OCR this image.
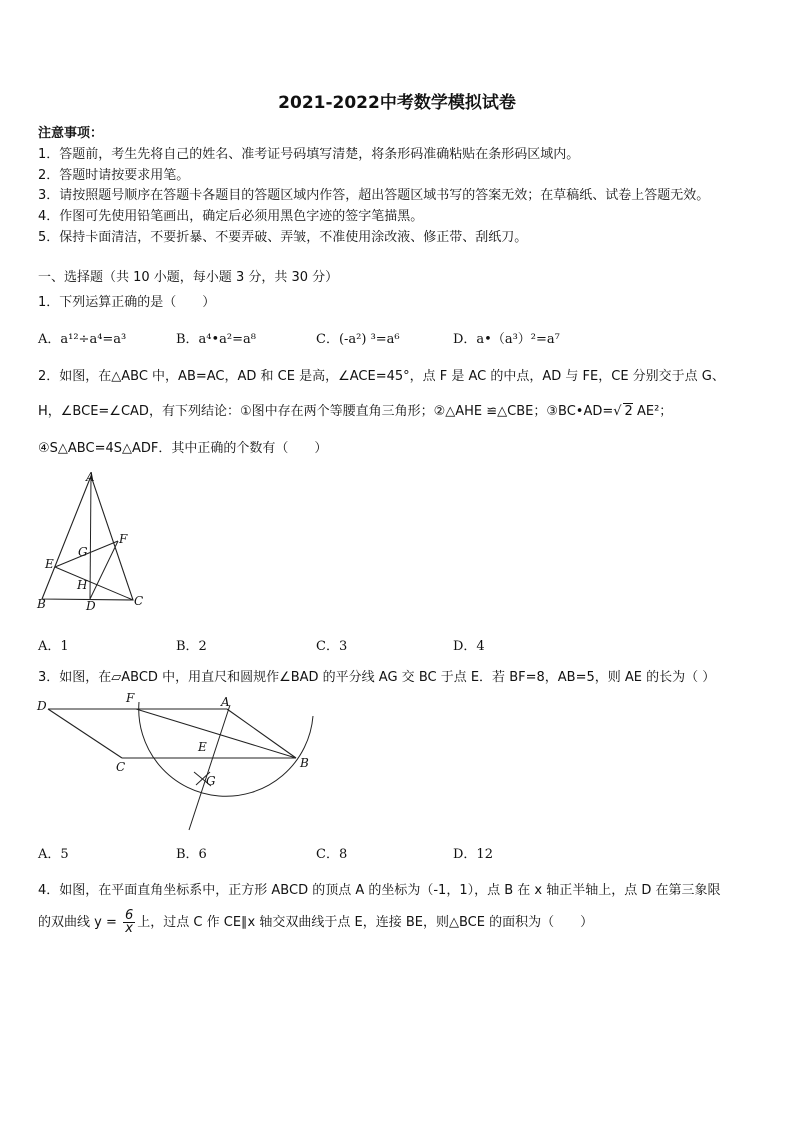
2021-2022中考数学模拟试卷
注意事项：
1．答题前，考生先将自己的姓名、准考证号码填写清楚，将条形码准确粘贴在条形码区域内。
2．答题时请按要求用笔。
3．请按照题号顺序在答题卡各题目的答题区域内作答，超出答题区域书写的答案无效；在草稿纸、试卷上答题无效。
4．作图可先使用铅笔画出，确定后必须用黑色字迹的签字笔描黑。
5．保持卡面清洁，不要折暴、不要弄破、弄皱，不准使用涂改液、修正带、刮纸刀。
一、选择题（共 10 小题，每小题 3 分，共 30 分）
1．下列运算正确的是（　　）
A．a¹²÷a⁴=a³	B．a⁴•a²=a⁸	C．(-a²) ³=a⁶	D．a•（a³）²=a⁷
2．如图，在△ABC 中，AB=AC，AD 和 CE 是高，∠ACE=45°，点 F 是 AC 的中点，AD 与 FE，CE 分别交于点 G、
H，∠BCE=∠CAD，有下列结论：①图中存在两个等腰直角三角形；②△AHE ≌△CBE；③BC•AD=√ 2 AE²；
④S△ABC=4S△ADF．其中正确的个数有（　　）
A
B	C
D
E
F
G
H
A．1	B．2	C．3	D．4
3．如图，在▱ABCD 中，用直尺和圆规作∠BAD 的平分线 AG 交 BC 于点 E．若 BF=8，AB=5，则 AE 的长为（ ）
D
F	A
E
C	B
G
A．5	B．6	C．8	D．12
4．如图，在平面直角坐标系中，正方形 ABCD 的顶点 A 的坐标为（-1，1），点 B 在 x 轴正半轴上，点 D 在第三象限
的双曲线 $y = \frac{6}{x}$ 上，过点 C 作 CE∥x 轴交双曲线于点 E，连接 BE，则△BCE 的面积为（　　）
